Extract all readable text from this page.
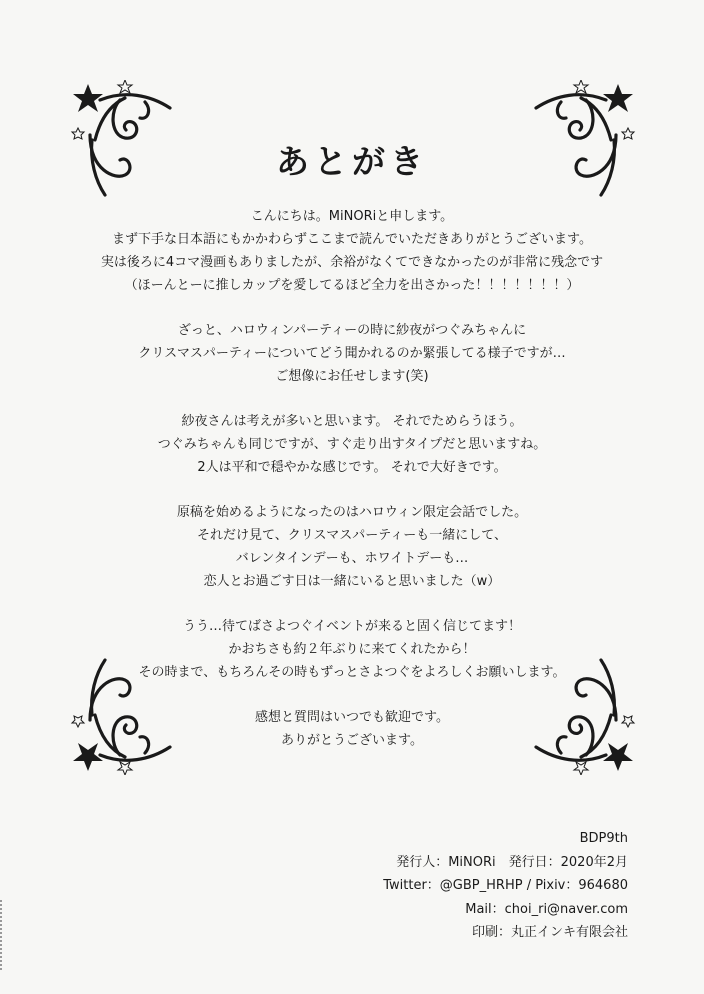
あとがき
こんにちは。MiNORiと申します。
まず下手な日本語にもかかわらずここまで読んでいただきありがとうございます。
実は後ろに4コマ漫画もありましたが、余裕がなくてできなかったのが非常に残念です
（ほーんとーに推しカップを愛してるほど全力を出さかった！！！！！！！）
ざっと、ハロウィンパーティーの時に紗夜がつぐみちゃんに
クリスマスパーティーについてどう聞かれるのか緊張してる様子ですが…
ご想像にお任せします(笑)
紗夜さんは考えが多いと思います。 それでためらうほう。
つぐみちゃんも同じですが、すぐ走り出すタイプだと思いますね。
2人は平和で穏やかな感じです。 それで大好きです。
原稿を始めるようになったのはハロウィン限定会話でした。
それだけ見て、クリスマスパーティーも一緒にして、
バレンタインデーも、ホワイトデーも…
恋人とお過ごす日は一緒にいると思いました（w）
うう…待てばさよつぐイベントが来ると固く信じてます！
かおちさも約２年ぶりに来てくれたから！
その時まで、もちろんその時もずっとさよつぐをよろしくお願いします。
感想と質問はいつでも歓迎です。
ありがとうございます。
BDP9th
発行人：MiNORi　発行日：2020年2月
Twitter：@GBP_HRHP / Pixiv：964680
Mail：choi_ri@naver.com
印刷：丸正インキ有限会社
